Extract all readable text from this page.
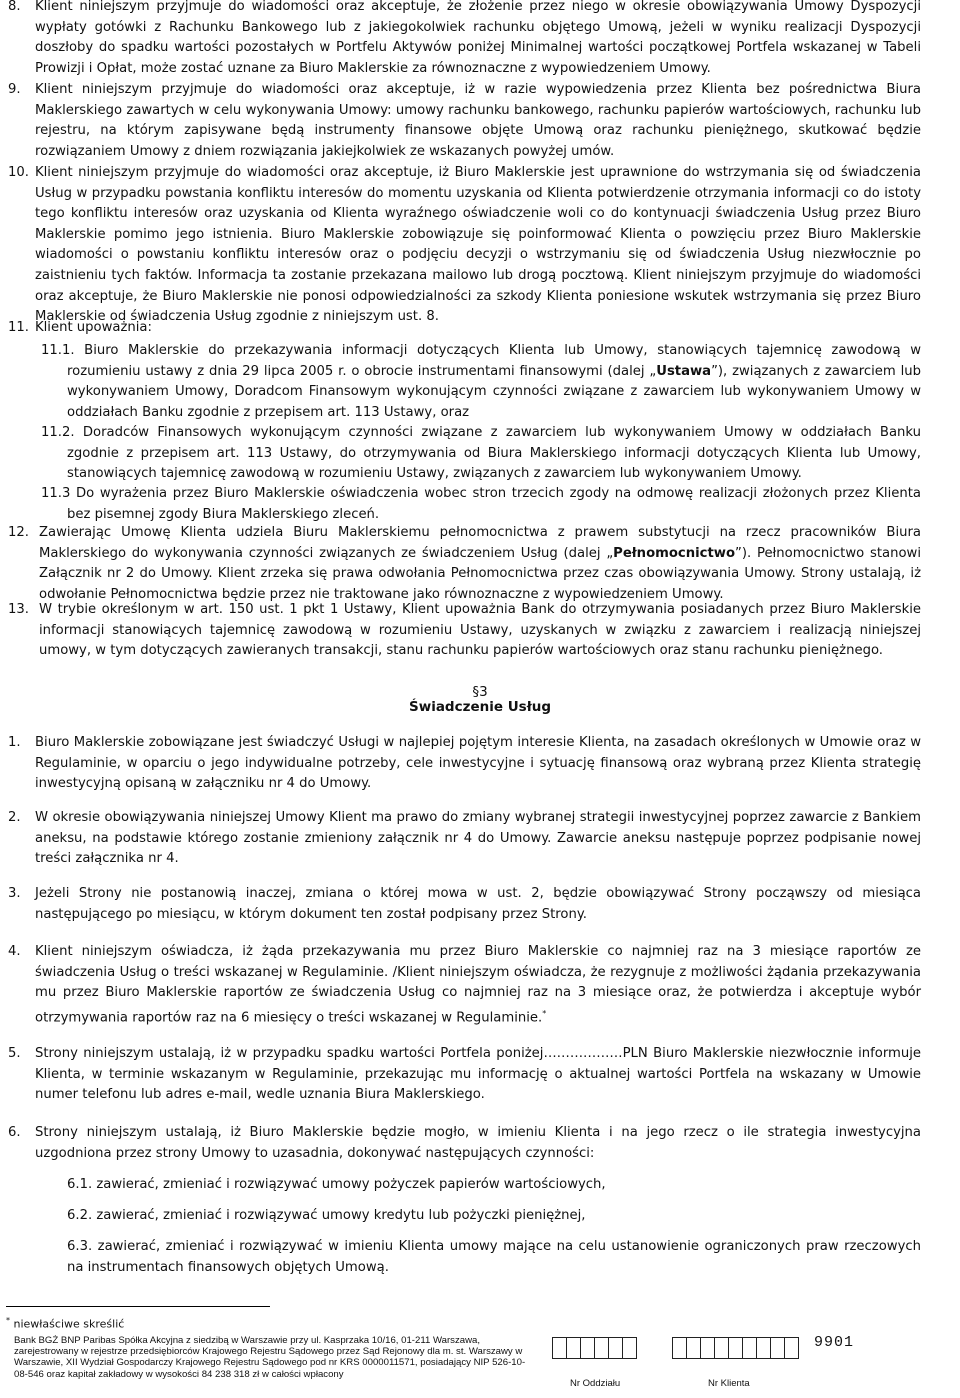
8. Klient niniejszym przyjmuje do wiadomości oraz akceptuje, że złożenie przez niego w okresie obowiązywania Umowy Dyspozycji wypłaty gotówki z Rachunku Bankowego lub z jakiegokolwiek rachunku objętego Umową, jeżeli w wyniku realizacji Dyspozycji doszłoby do spadku wartości pozostałych w Portfelu Aktywów poniżej Minimalnej wartości początkowej Portfela wskazanej w Tabeli Prowizji i Opłat, może zostać uznane za Biuro Maklerskie za równoznaczne z wypowiedzeniem Umowy.
9. Klient niniejszym przyjmuje do wiadomości oraz akceptuje, iż w razie wypowiedzenia przez Klienta bez pośrednictwa Biura Maklerskiego zawartych w celu wykonywania Umowy: umowy rachunku bankowego, rachunku papierów wartościowych, rachunku lub rejestru, na którym zapisywane będą instrumenty finansowe objęte Umową oraz rachunku pieniężnego, skutkować będzie rozwiązaniem Umowy z dniem rozwiązania jakiejkolwiek ze wskazanych powyżej umów.
10. Klient niniejszym przyjmuje do wiadomości oraz akceptuje, iż Biuro Maklerskie jest uprawnione do wstrzymania się od świadczenia Usług w przypadku powstania konfliktu interesów do momentu uzyskania od Klienta potwierdzenie otrzymania informacji co do istoty tego konfliktu interesów oraz uzyskania od Klienta wyraźnego oświadczenie woli co do kontynuacji świadczenia Usług przez Biuro Maklerskie pomimo jego istnienia. Biuro Maklerskie zobowiązuje się poinformować Klienta o powzięciu przez Biuro Maklerskie wiadomości o powstaniu konfliktu interesów oraz o podjęciu decyzji o wstrzymaniu się od świadczenia Usług niezwłocznie po zaistnieniu tych faktów. Informacja ta zostanie przekazana mailowo lub drogą pocztową. Klient niniejszym przyjmuje do wiadomości oraz akceptuje, że Biuro Maklerskie nie ponosi odpowiedzialności za szkody Klienta poniesione wskutek wstrzymania się przez Biuro Maklerskie od świadczenia Usług zgodnie z niniejszym ust. 8.
11. Klient upoważnia:
11.1. Biuro Maklerskie do przekazywania informacji dotyczących Klienta lub Umowy, stanowiących tajemnicę zawodową w rozumieniu ustawy z dnia 29 lipca 2005 r. o obrocie instrumentami finansowymi (dalej „Ustawa”), związanych z zawarciem lub wykonywaniem Umowy, Doradcom Finansowym wykonującym czynności związane z zawarciem lub wykonywaniem Umowy w oddziałach Banku zgodnie z przepisem art. 113 Ustawy, oraz
11.2. Doradców Finansowych wykonującym czynności związane z zawarciem lub wykonywaniem Umowy w oddziałach Banku zgodnie z przepisem art. 113 Ustawy, do otrzymywania od Biura Maklerskiego informacji dotyczących Klienta lub Umowy, stanowiących tajemnicę zawodową w rozumieniu Ustawy, związanych z zawarciem lub wykonywaniem Umowy.
11.3 Do wyrażenia przez Biuro Maklerskie oświadczenia wobec stron trzecich zgody na odmowę realizacji złożonych przez Klienta bez pisemnej zgody Biura Maklerskiego zleceń.
12. Zawierając Umowę Klienta udziela Biuru Maklerskiemu pełnomocnictwa z prawem substytucji na rzecz pracowników Biura Maklerskiego do wykonywania czynności związanych ze świadczeniem Usług (dalej „Pełnomocnictwo”). Pełnomocnictwo stanowi Załącznik nr 2 do Umowy. Klient zrzeka się prawa odwołania Pełnomocnictwa przez czas obowiązywania Umowy. Strony ustalają, iż odwołanie Pełnomocnictwa będzie przez nie traktowane jako równoznaczne z wypowiedzeniem Umowy.
13. W trybie określonym w art. 150 ust. 1 pkt 1 Ustawy, Klient upoważnia Bank do otrzymywania posiadanych przez Biuro Maklerskie informacji stanowiących tajemnicę zawodową w rozumieniu Ustawy, uzyskanych w związku z zawarciem i realizacją niniejszej umowy, w tym dotyczących zawieranych transakcji, stanu rachunku papierów wartościowych oraz stanu rachunku pieniężnego.
§3
Świadczenie Usług
1. Biuro Maklerskie zobowiązane jest świadczyć Usługi w najlepiej pojętym interesie Klienta, na zasadach określonych w Umowie oraz w Regulaminie, w oparciu o jego indywidualne potrzeby, cele inwestycyjne i sytuację finansową oraz wybraną przez Klienta strategię inwestycyjną opisaną w załączniku nr 4 do Umowy.
2. W okresie obowiązywania niniejszej Umowy Klient ma prawo do zmiany wybranej strategii inwestycyjnej poprzez zawarcie z Bankiem aneksu, na podstawie którego zostanie zmieniony załącznik nr 4 do Umowy. Zawarcie aneksu następuje poprzez podpisanie nowej treści załącznika nr 4.
3. Jeżeli Strony nie postanowią inaczej, zmiana o której mowa w ust. 2, będzie obowiązywać Strony począwszy od miesiąca następującego po miesiącu, w którym dokument ten został podpisany przez Strony.
4. Klient niniejszym oświadcza, iż żąda przekazywania mu przez Biuro Maklerskie co najmniej raz na 3 miesiące raportów ze świadczenia Usług o treści wskazanej w Regulaminie. /Klient niniejszym oświadcza, że rezygnuje z możliwości żądania przekazywania mu przez Biuro Maklerskie raportów ze świadczenia Usług co najmniej raz na 3 miesiące oraz, że potwierdza i akceptuje wybór otrzymywania raportów raz na 6 miesięcy o treści wskazanej w Regulaminie.*
5. Strony niniejszym ustalają, iż w przypadku spadku wartości Portfela poniżej………………PLN Biuro Maklerskie niezwłocznie informuje Klienta, w terminie wskazanym w Regulaminie, przekazując mu informację o aktualnej wartości Portfela na wskazany w Umowie numer telefonu lub adres e-mail, wedle uznania Biura Maklerskiego.
6. Strony niniejszym ustalają, iż Biuro Maklerskie będzie mogło, w imieniu Klienta i na jego rzecz o ile strategia inwestycyjna uzgodniona przez strony Umowy to uzasadnia, dokonywać następujących czynności:
6.1. zawierać, zmieniać i rozwiązywać umowy pożyczek papierów wartościowych,
6.2. zawierać, zmieniać i rozwiązywać umowy kredytu lub pożyczki pieniężnej,
6.3. zawierać, zmieniać i rozwiązywać w imieniu Klienta umowy mające na celu ustanowienie ograniczonych praw rzeczowych na instrumentach finansowych objętych Umową.
* niewłaściwe skreślić
Bank BGŻ BNP Paribas Spółka Akcyjna z siedzibą w Warszawie przy ul. Kasprzaka 10/16, 01-211 Warszawa, zarejestrowany w rejestrze przedsiębiorców Krajowego Rejestru Sądowego przez Sąd Rejonowy dla m. st. Warszawy w Warszawie, XII Wydział Gospodarczy Krajowego Rejestru Sądowego pod nr KRS 0000011571, posiadający NIP 526-10-08-546 oraz kapitał zakładowy w wysokości 84 238 318 zł w całości wpłacony
Nr Oddziału	Nr Klienta
9901
